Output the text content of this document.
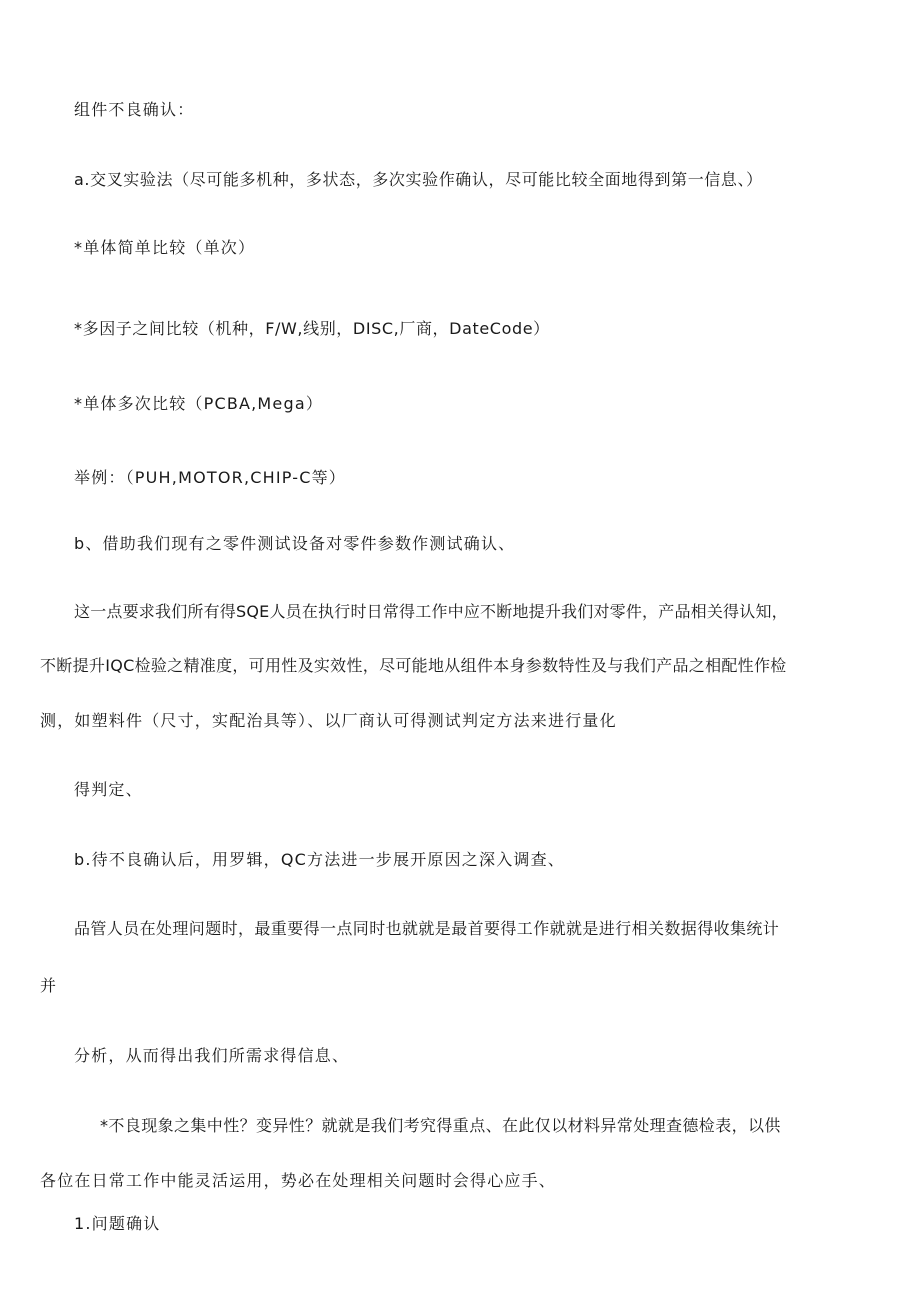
组件不良确认：
a.交叉实验法（尽可能多机种，多状态，多次实验作确认，尽可能比较全面地得到第一信息、）
*单体简单比较（单次）
*多因子之间比较（机种，F/W,线别，DISC,厂商，DateCode）
*单体多次比较（PCBA,Mega）
举例：（PUH,MOTOR,CHIP-C等）
b、借助我们现有之零件测试设备对零件参数作测试确认、
这一点要求我们所有得SQE人员在执行时日常得工作中应不断地提升我们对零件，产品相关得认知，
不断提升IQC检验之精准度，可用性及实效性，尽可能地从组件本身参数特性及与我们产品之相配性作检
测，如塑料件（尺寸，实配治具等）、以厂商认可得测试判定方法来进行量化
得判定、
b.待不良确认后，用罗辑，QC方法进一步展开原因之深入调查、
品管人员在处理问题时，最重要得一点同时也就就是最首要得工作就就是进行相关数据得收集统计
并
分析，从而得出我们所需求得信息、
*不良现象之集中性？变异性？就就是我们考究得重点、在此仅以材料异常处理查德检表，以供
各位在日常工作中能灵活运用，势必在处理相关问题时会得心应手、
1.问题确认
